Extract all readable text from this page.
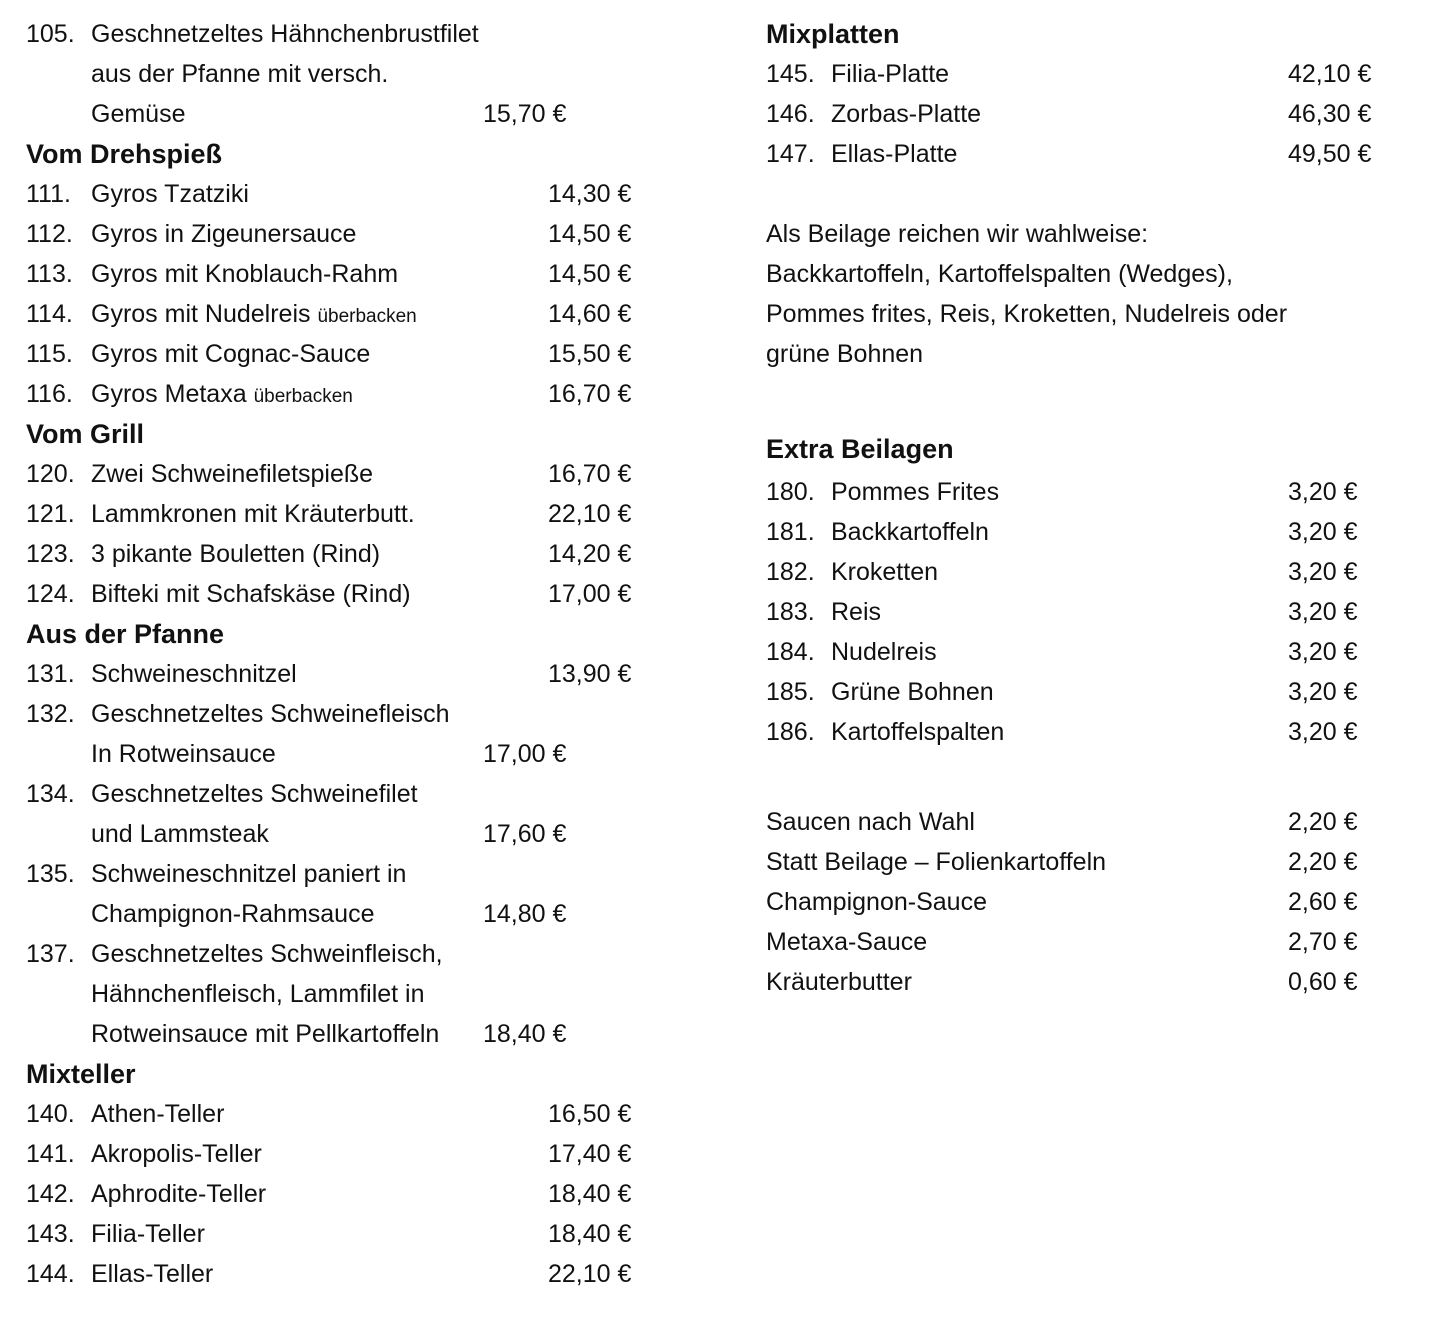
105. Geschnetzeltes Hähnchenbrustfilet
aus der Pfanne mit versch.
Gemüse	15,70 €
Vom Drehspieß
111. Gyros Tzatziki	14,30 €
112. Gyros in Zigeunersauce	14,50 €
113. Gyros mit Knoblauch-Rahm	14,50 €
114. Gyros mit Nudelreis überbacken	14,60 €
115. Gyros mit Cognac-Sauce	15,50 €
116. Gyros Metaxa überbacken	16,70 €
Vom Grill
120. Zwei Schweinefiletspieße	16,70 €
121. Lammkronen mit Kräuterbutt.	22,10 €
123. 3 pikante Bouletten (Rind)	14,20 €
124. Bifteki mit Schafskäse (Rind)	17,00 €
Aus der Pfanne
131. Schweineschnitzel	13,90 €
132. Geschnetzeltes Schweinefleisch
In Rotweinsauce	17,00 €
134. Geschnetzeltes Schweinefilet
und Lammsteak	17,60 €
135. Schweineschnitzel paniert in
Champignon-Rahmsauce	14,80 €
137. Geschnetzeltes Schweinfleisch,
Hähnchenfleisch, Lammfilet in
Rotweinsauce mit Pellkartoffeln 18,40 €
Mixteller
140. Athen-Teller	16,50 €
141. Akropolis-Teller	17,40 €
142. Aphrodite-Teller	18,40 €
143. Filia-Teller	18,40 €
144. Ellas-Teller	22,10 €
Mixplatten
145. Filia-Platte	42,10 €
146. Zorbas-Platte	46,30 €
147. Ellas-Platte	49,50 €
Als Beilage reichen wir wahlweise:
Backkartoffeln, Kartoffelspalten (Wedges),
Pommes frites, Reis, Kroketten, Nudelreis oder
grüne Bohnen
Extra Beilagen
180. Pommes Frites	3,20 €
181. Backkartoffeln	3,20 €
182. Kroketten	3,20 €
183. Reis	3,20 €
184. Nudelreis	3,20 €
185. Grüne Bohnen	3,20 €
186. Kartoffelspalten	3,20 €
Saucen nach Wahl	2,20 €
Statt Beilage – Folienkartoffeln	2,20 €
Champignon-Sauce	2,60 €
Metaxa-Sauce	2,70 €
Kräuterbutter	0,60 €
